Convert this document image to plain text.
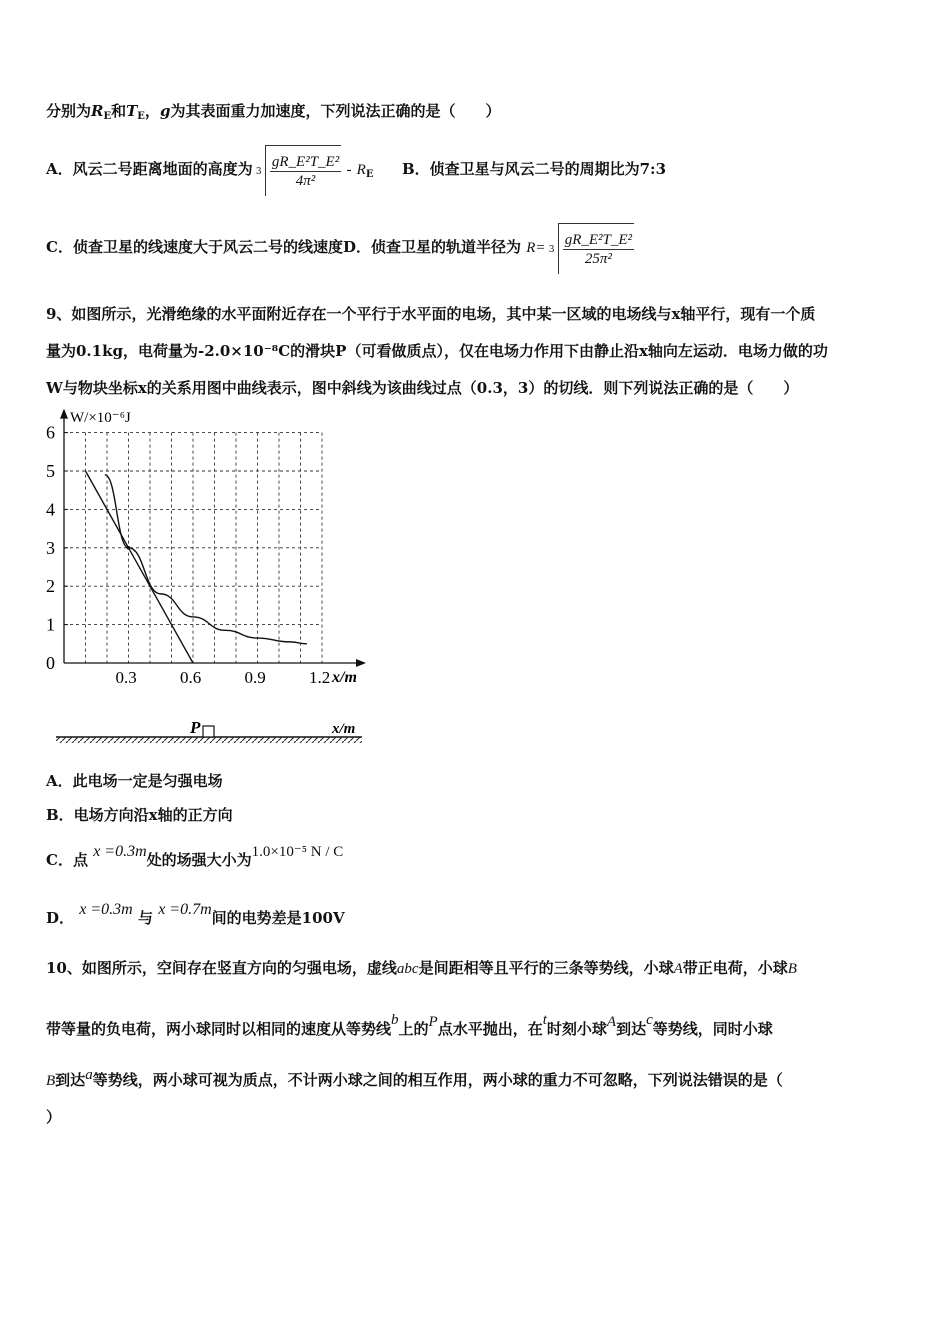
分别为$R_E$和$T_E$，g为其表面重力加速度，下列说法正确的是（　　）
A．风云二号距离地面的高度为 $3 \frac{\text{gR\_E²T\_E²}}{\text{4π²}} - R_E$ B．侦查卫星与风云二号的周期比为7:3
C．侦查卫星的线速度大于风云二号的线速度D．侦查卫星的轨道半径为 $R= 3 \frac{\text{gR\_E²T\_E²}}{\text{25π²}}$
9、如图所示，光滑绝缘的水平面附近存在一个平行于水平面的电场，其中某一区域的电场线与x轴平行，现有一个质
量为0.1kg，电荷量为-2.0×10⁻⁸C的滑块P（可看做质点），仅在电场力作用下由静止沿x轴向左运动．电场力做的功
W与物块坐标x的关系用图中曲线表示，图中斜线为该曲线过点（0.3，3）的切线．则下列说法正确的是（　　）
0
1
2
3
4
5
6
0.3	0.6	0.9	1.2
W/×10⁻⁶J
x/m
P	x/m
A．此电场一定是匀强电场
B．电场方向沿x轴的正方向
C．点 x =0.3m处的场强大小为1.0×10⁻⁵ N / C
D． x =0.3m 与 x =0.7m间的电势差是100V
10、如图所示，空间存在竖直方向的匀强电场，虚线abc是间距相等且平行的三条等势线，小球A带正电荷，小球B
带等量的负电荷，两小球同时以相同的速度从等势线b上的P点水平抛出，在t时刻小球A到达c等势线，同时小球
B到达a等势线，两小球可视为质点，不计两小球之间的相互作用，两小球的重力不可忽略，下列说法错误的是（
）
